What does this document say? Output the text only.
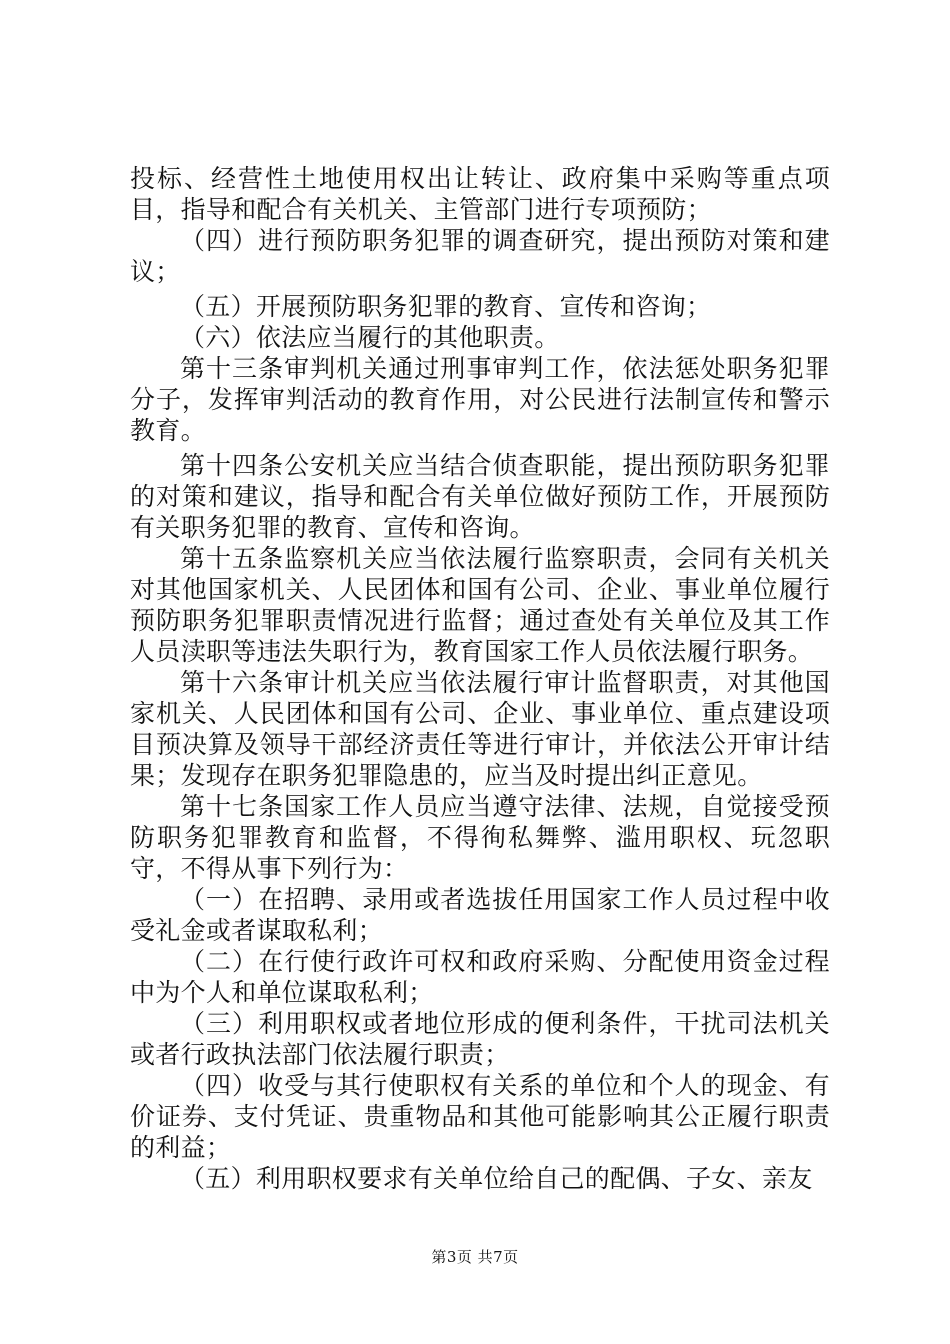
投标、经营性土地使用权出让转让、政府集中采购等重点项目，指导和配合有关机关、主管部门进行专项预防；

（四）进行预防职务犯罪的调查研究，提出预防对策和建议；

（五）开展预防职务犯罪的教育、宣传和咨询；

（六）依法应当履行的其他职责。

第十三条审判机关通过刑事审判工作，依法惩处职务犯罪分子，发挥审判活动的教育作用，对公民进行法制宣传和警示教育。

第十四条公安机关应当结合侦查职能，提出预防职务犯罪的对策和建议，指导和配合有关单位做好预防工作，开展预防有关职务犯罪的教育、宣传和咨询。

第十五条监察机关应当依法履行监察职责，会同有关机关对其他国家机关、人民团体和国有公司、企业、事业单位履行预防职务犯罪职责情况进行监督；通过查处有关单位及其工作人员渎职等违法失职行为，教育国家工作人员依法履行职务。

第十六条审计机关应当依法履行审计监督职责，对其他国家机关、人民团体和国有公司、企业、事业单位、重点建设项目预决算及领导干部经济责任等进行审计，并依法公开审计结果；发现存在职务犯罪隐患的，应当及时提出纠正意见。

第十七条国家工作人员应当遵守法律、法规，自觉接受预防职务犯罪教育和监督，不得徇私舞弊、滥用职权、玩忽职守，不得从事下列行为：

（一）在招聘、录用或者选拔任用国家工作人员过程中收受礼金或者谋取私利；

（二）在行使行政许可权和政府采购、分配使用资金过程中为个人和单位谋取私利；

（三）利用职权或者地位形成的便利条件，干扰司法机关或者行政执法部门依法履行职责；

（四）收受与其行使职权有关系的单位和个人的现金、有价证券、支付凭证、贵重物品和其他可能影响其公正履行职责的利益；

（五）利用职权要求有关单位给自己的配偶、子女、亲友

第3页 共7页
